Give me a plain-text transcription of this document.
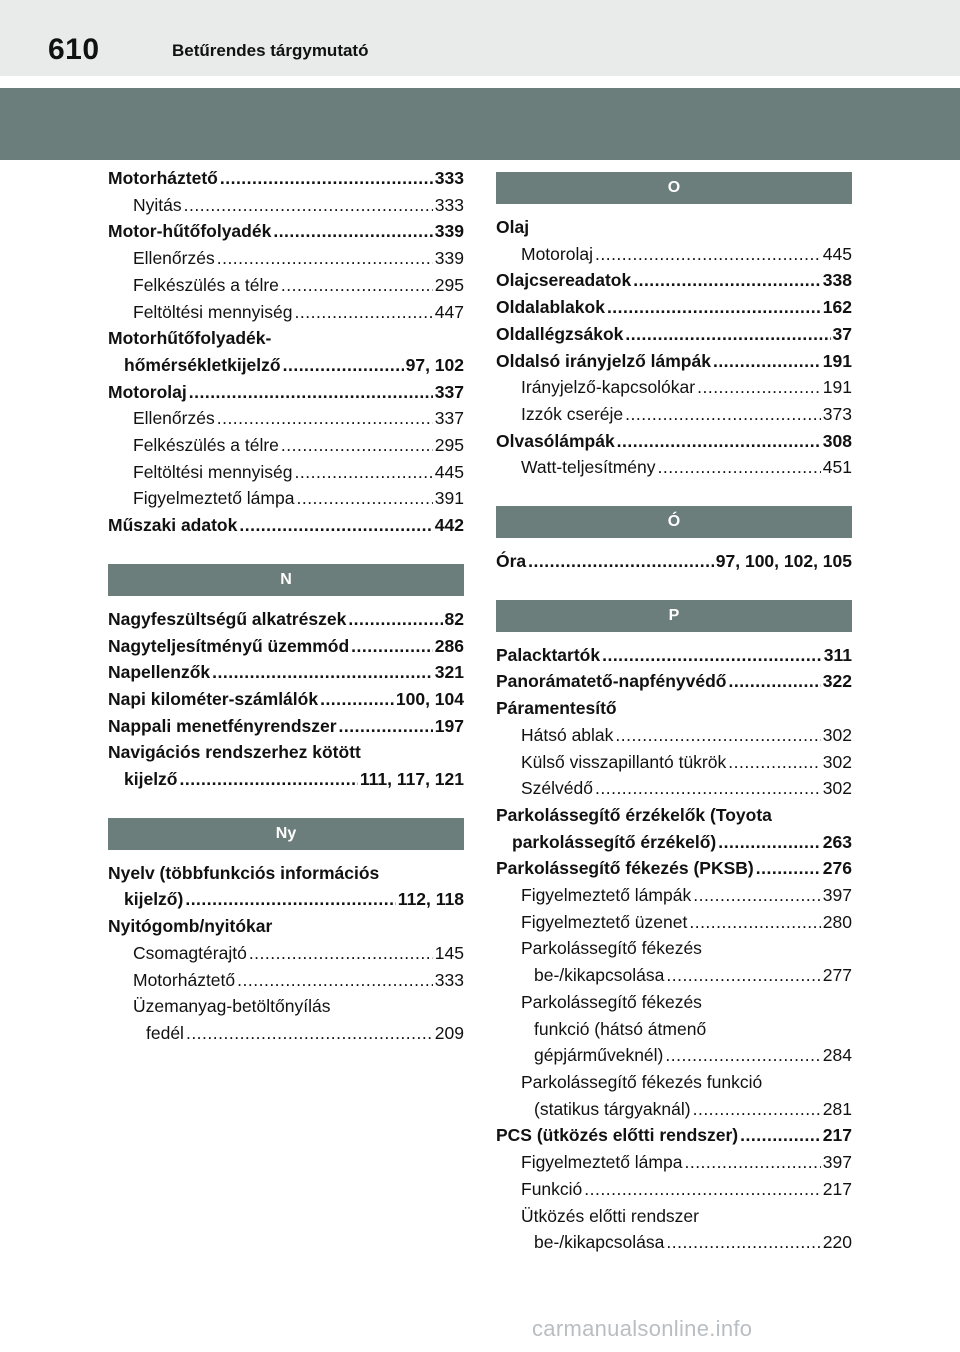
610	Betűrendes tárgymutató
Motorháztető .....	333
Nyitás .....	333
Motor-hűtőfolyadék .....	339
Ellenőrzés .....	339
Felkészülés a télre .....	295
Feltöltési mennyiség .....	447
Motorhűtőfolyadék-
hőmérsékletkijelző .....	97, 102
Motorolaj .....	337
Ellenőrzés .....	337
Felkészülés a télre .....	295
Feltöltési mennyiség .....	445
Figyelmeztető lámpa .....	391
Műszaki adatok .....	442
N
Nagyfeszültségű alkatrészek .....	82
Nagyteljesítményű üzemmód .....	286
Napellenzők .....	321
Napi kilométer-számlálók .....	100, 104
Nappali menetfényrendszer .....	197
Navigációs rendszerhez kötött
kijelző .....	111, 117, 121
Ny
Nyelv (többfunkciós információs
kijelző) .....	112, 118
Nyitógomb/nyitókar
Csomagtérajtó .....	145
Motorháztető .....	333
Üzemanyag-betöltőnyílás
fedél .....	209
O
Olaj
Motorolaj .....	445
Olajcsereadatok .....	338
Oldalablakok .....	162
Oldallégzsákok .....	37
Oldalsó irányjelző lámpák .....	191
Irányjelző-kapcsolókar .....	191
Izzók cseréje .....	373
Olvasólámpák .....	308
Watt-teljesítmény .....	451
Ó
Óra .....	97, 100, 102, 105
P
Palacktartók .....	311
Panorámatető-napfényvédő .....	322
Páramentesítő
Hátsó ablak .....	302
Külső visszapillantó tükrök .....	302
Szélvédő .....	302
Parkolássegítő érzékelők (Toyota
parkolássegítő érzékelő) .....	263
Parkolássegítő fékezés (PKSB) .....	276
Figyelmeztető lámpák .....	397
Figyelmeztető üzenet .....	280
Parkolássegítő fékezés
be-/kikapcsolása .....	277
Parkolássegítő fékezés
funkció (hátsó átmenő
gépjárműveknél) .....	284
Parkolássegítő fékezés funkció
(statikus tárgyaknál) .....	281
PCS (ütközés előtti rendszer) .....	217
Figyelmeztető lámpa .....	397
Funkció .....	217
Ütközés előtti rendszer
be-/kikapcsolása .....	220
carmanualsonline.info
